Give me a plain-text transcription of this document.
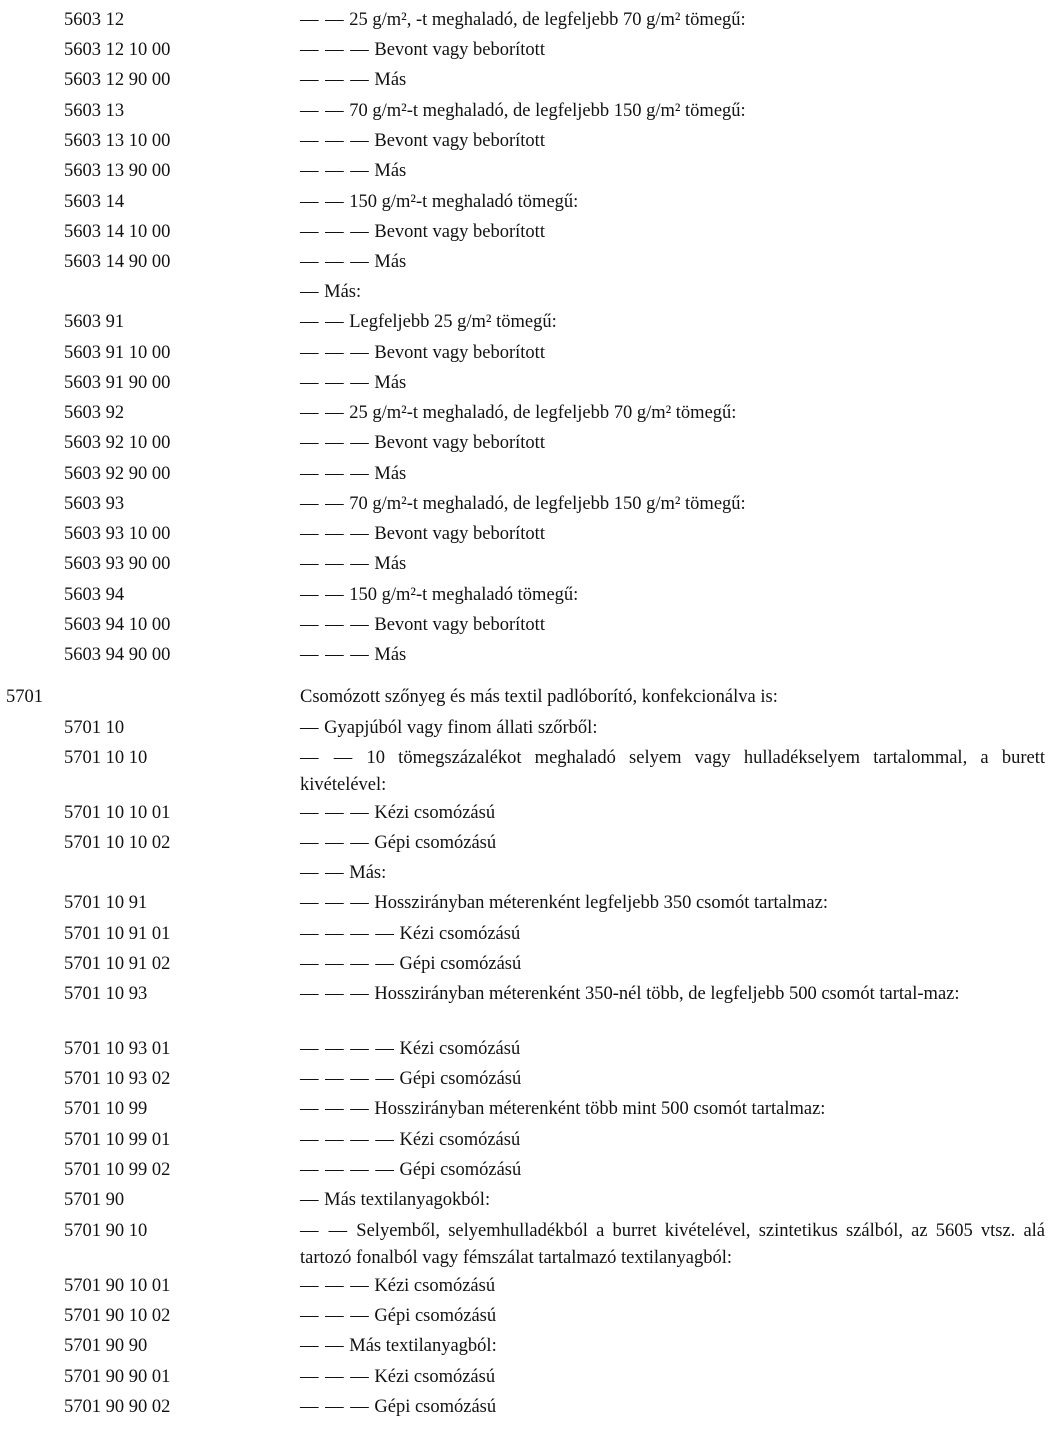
5603 12	— — 25 g/m², -t meghaladó, de legfeljebb 70 g/m² tömegű:
5603 12 10 00	— — — Bevont vagy beborított
5603 12 90 00	— — — Más
5603 13	— — 70 g/m²-t meghaladó, de legfeljebb 150 g/m² tömegű:
5603 13 10 00	— — — Bevont vagy beborított
5603 13 90 00	— — — Más
5603 14	— — 150 g/m²-t meghaladó tömegű:
5603 14 10 00	— — — Bevont vagy beborított
5603 14 90 00	— — — Más
— Más:
5603 91	— — Legfeljebb 25 g/m² tömegű:
5603 91 10 00	— — — Bevont vagy beborított
5603 91 90 00	— — — Más
5603 92	— — 25 g/m²-t meghaladó, de legfeljebb 70 g/m² tömegű:
5603 92 10 00	— — — Bevont vagy beborított
5603 92 90 00	— — — Más
5603 93	— — 70 g/m²-t meghaladó, de legfeljebb 150 g/m² tömegű:
5603 93 10 00	— — — Bevont vagy beborított
5603 93 90 00	— — — Más
5603 94	— — 150 g/m²-t meghaladó tömegű:
5603 94 10 00	— — — Bevont vagy beborított
5603 94 90 00	— — — Más
5701	Csomózott szőnyeg és más textil padlóborító, konfekcionálva is:
5701 10	— Gyapjúból vagy finom állati szőrből:
5701 10 10	— — 10 tömegszázalékot meghaladó selyem vagy hulladékselyem tartalommal, a burett kivételével:
5701 10 10 01	— — — Kézi csomózású
5701 10 10 02	— — — Gépi csomózású
— — Más:
5701 10 91	— — — Hosszirányban méterenként legfeljebb 350 csomót tartalmaz:
5701 10 91 01	— — — — Kézi csomózású
5701 10 91 02	— — — — Gépi csomózású
5701 10 93	— — — Hosszirányban méterenként 350-nél több, de legfeljebb 500 csomót tartal-maz:
5701 10 93 01	— — — — Kézi csomózású
5701 10 93 02	— — — — Gépi csomózású
5701 10 99	— — — Hosszirányban méterenként több mint 500 csomót tartalmaz:
5701 10 99 01	— — — — Kézi csomózású
5701 10 99 02	— — — — Gépi csomózású
5701 90	— Más textilanyagokból:
5701 90 10	— — Selyemből, selyemhulladékból a burret kivételével, szintetikus szálból, az 5605 vtsz. alá tartozó fonalból vagy fémszálat tartalmazó textilanyagból:
5701 90 10 01	— — — Kézi csomózású
5701 90 10 02	— — — Gépi csomózású
5701 90 90	— — Más textilanyagból:
5701 90 90 01	— — — Kézi csomózású
5701 90 90 02	— — — Gépi csomózású
